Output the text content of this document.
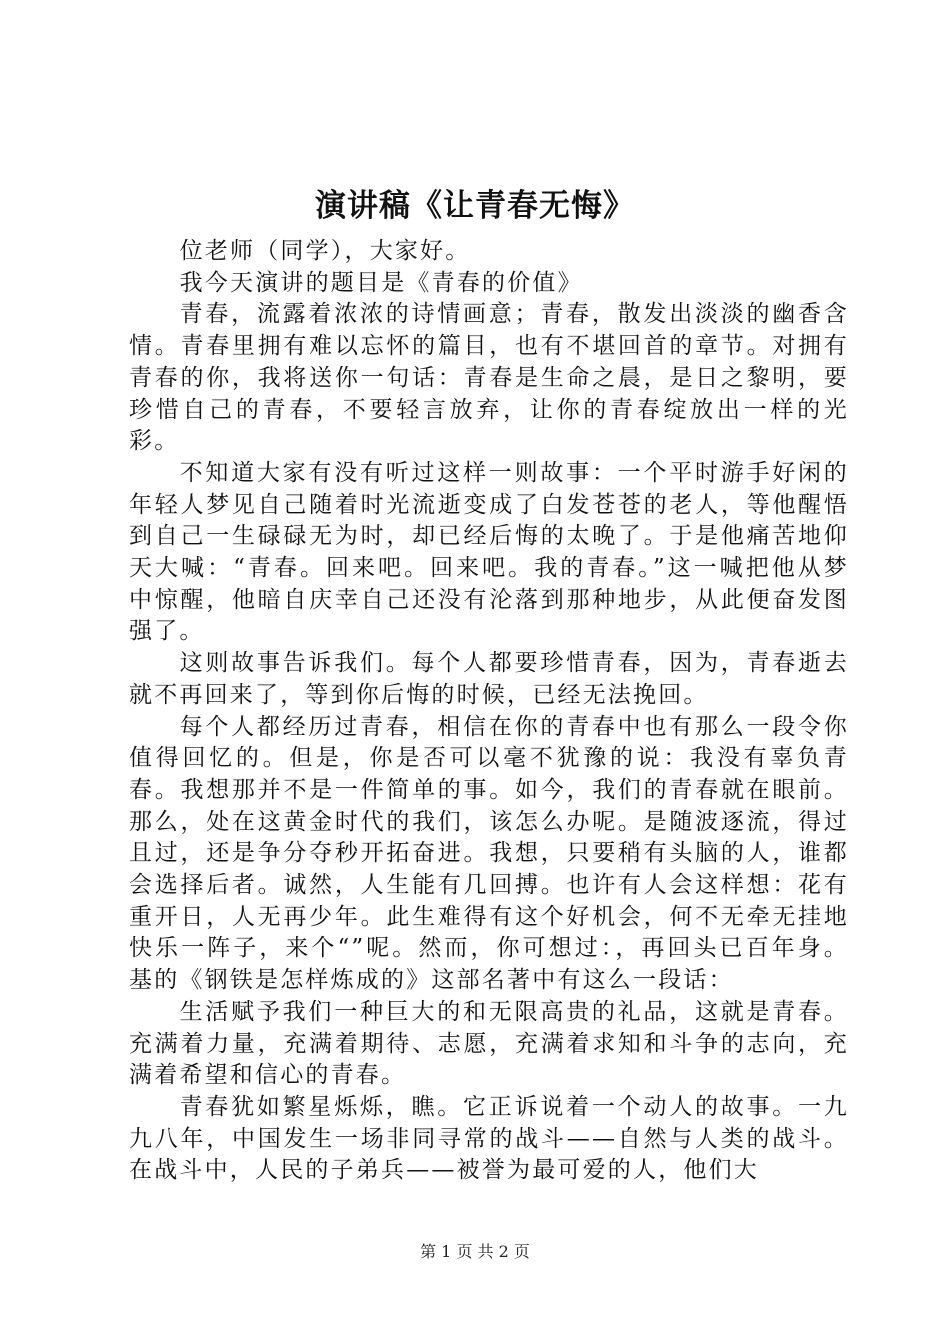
演讲稿《让青春无悔》

位老师（同学），大家好。

我今天演讲的题目是《青春的价值》

青春，流露着浓浓的诗情画意；青春，散发出淡淡的幽香含情。青春里拥有难以忘怀的篇目，也有不堪回首的章节。对拥有青春的你，我将送你一句话：青春是生命之晨，是日之黎明，要珍惜自己的青春，不要轻言放弃，让你的青春绽放出一样的光彩。

不知道大家有没有听过这样一则故事：一个平时游手好闲的年轻人梦见自己随着时光流逝变成了白发苍苍的老人，等他醒悟到自己一生碌碌无为时，却已经后悔的太晚了。于是他痛苦地仰天大喊：“青春。回来吧。回来吧。我的青春。”这一喊把他从梦中惊醒，他暗自庆幸自己还没有沦落到那种地步，从此便奋发图强了。

这则故事告诉我们。每个人都要珍惜青春，因为，青春逝去就不再回来了，等到你后悔的时候，已经无法挽回。

每个人都经历过青春，相信在你的青春中也有那么一段令你值得回忆的。但是，你是否可以毫不犹豫的说：我没有辜负青春。我想那并不是一件简单的事。如今，我们的青春就在眼前。那么，处在这黄金时代的我们，该怎么办呢。是随波逐流，得过且过，还是争分夺秒开拓奋进。我想，只要稍有头脑的人，谁都会选择后者。诚然，人生能有几回搏。也许有人会这样想：花有重开日，人无再少年。此生难得有这个好机会，何不无牵无挂地快乐一阵子，来个“”呢。然而，你可想过：，再回头已百年身。基的《钢铁是怎样炼成的》这部名著中有这么一段话：

生活赋予我们一种巨大的和无限高贵的礼品，这就是青春。充满着力量，充满着期待、志愿，充满着求知和斗争的志向，充满着希望和信心的青春。

青春犹如繁星烁烁，瞧。它正诉说着一个动人的故事。一九九八年，中国发生一场非同寻常的战斗——自然与人类的战斗。在战斗中，人民的子弟兵——被誉为最可爱的人，他们大

第 1 页 共 2 页
